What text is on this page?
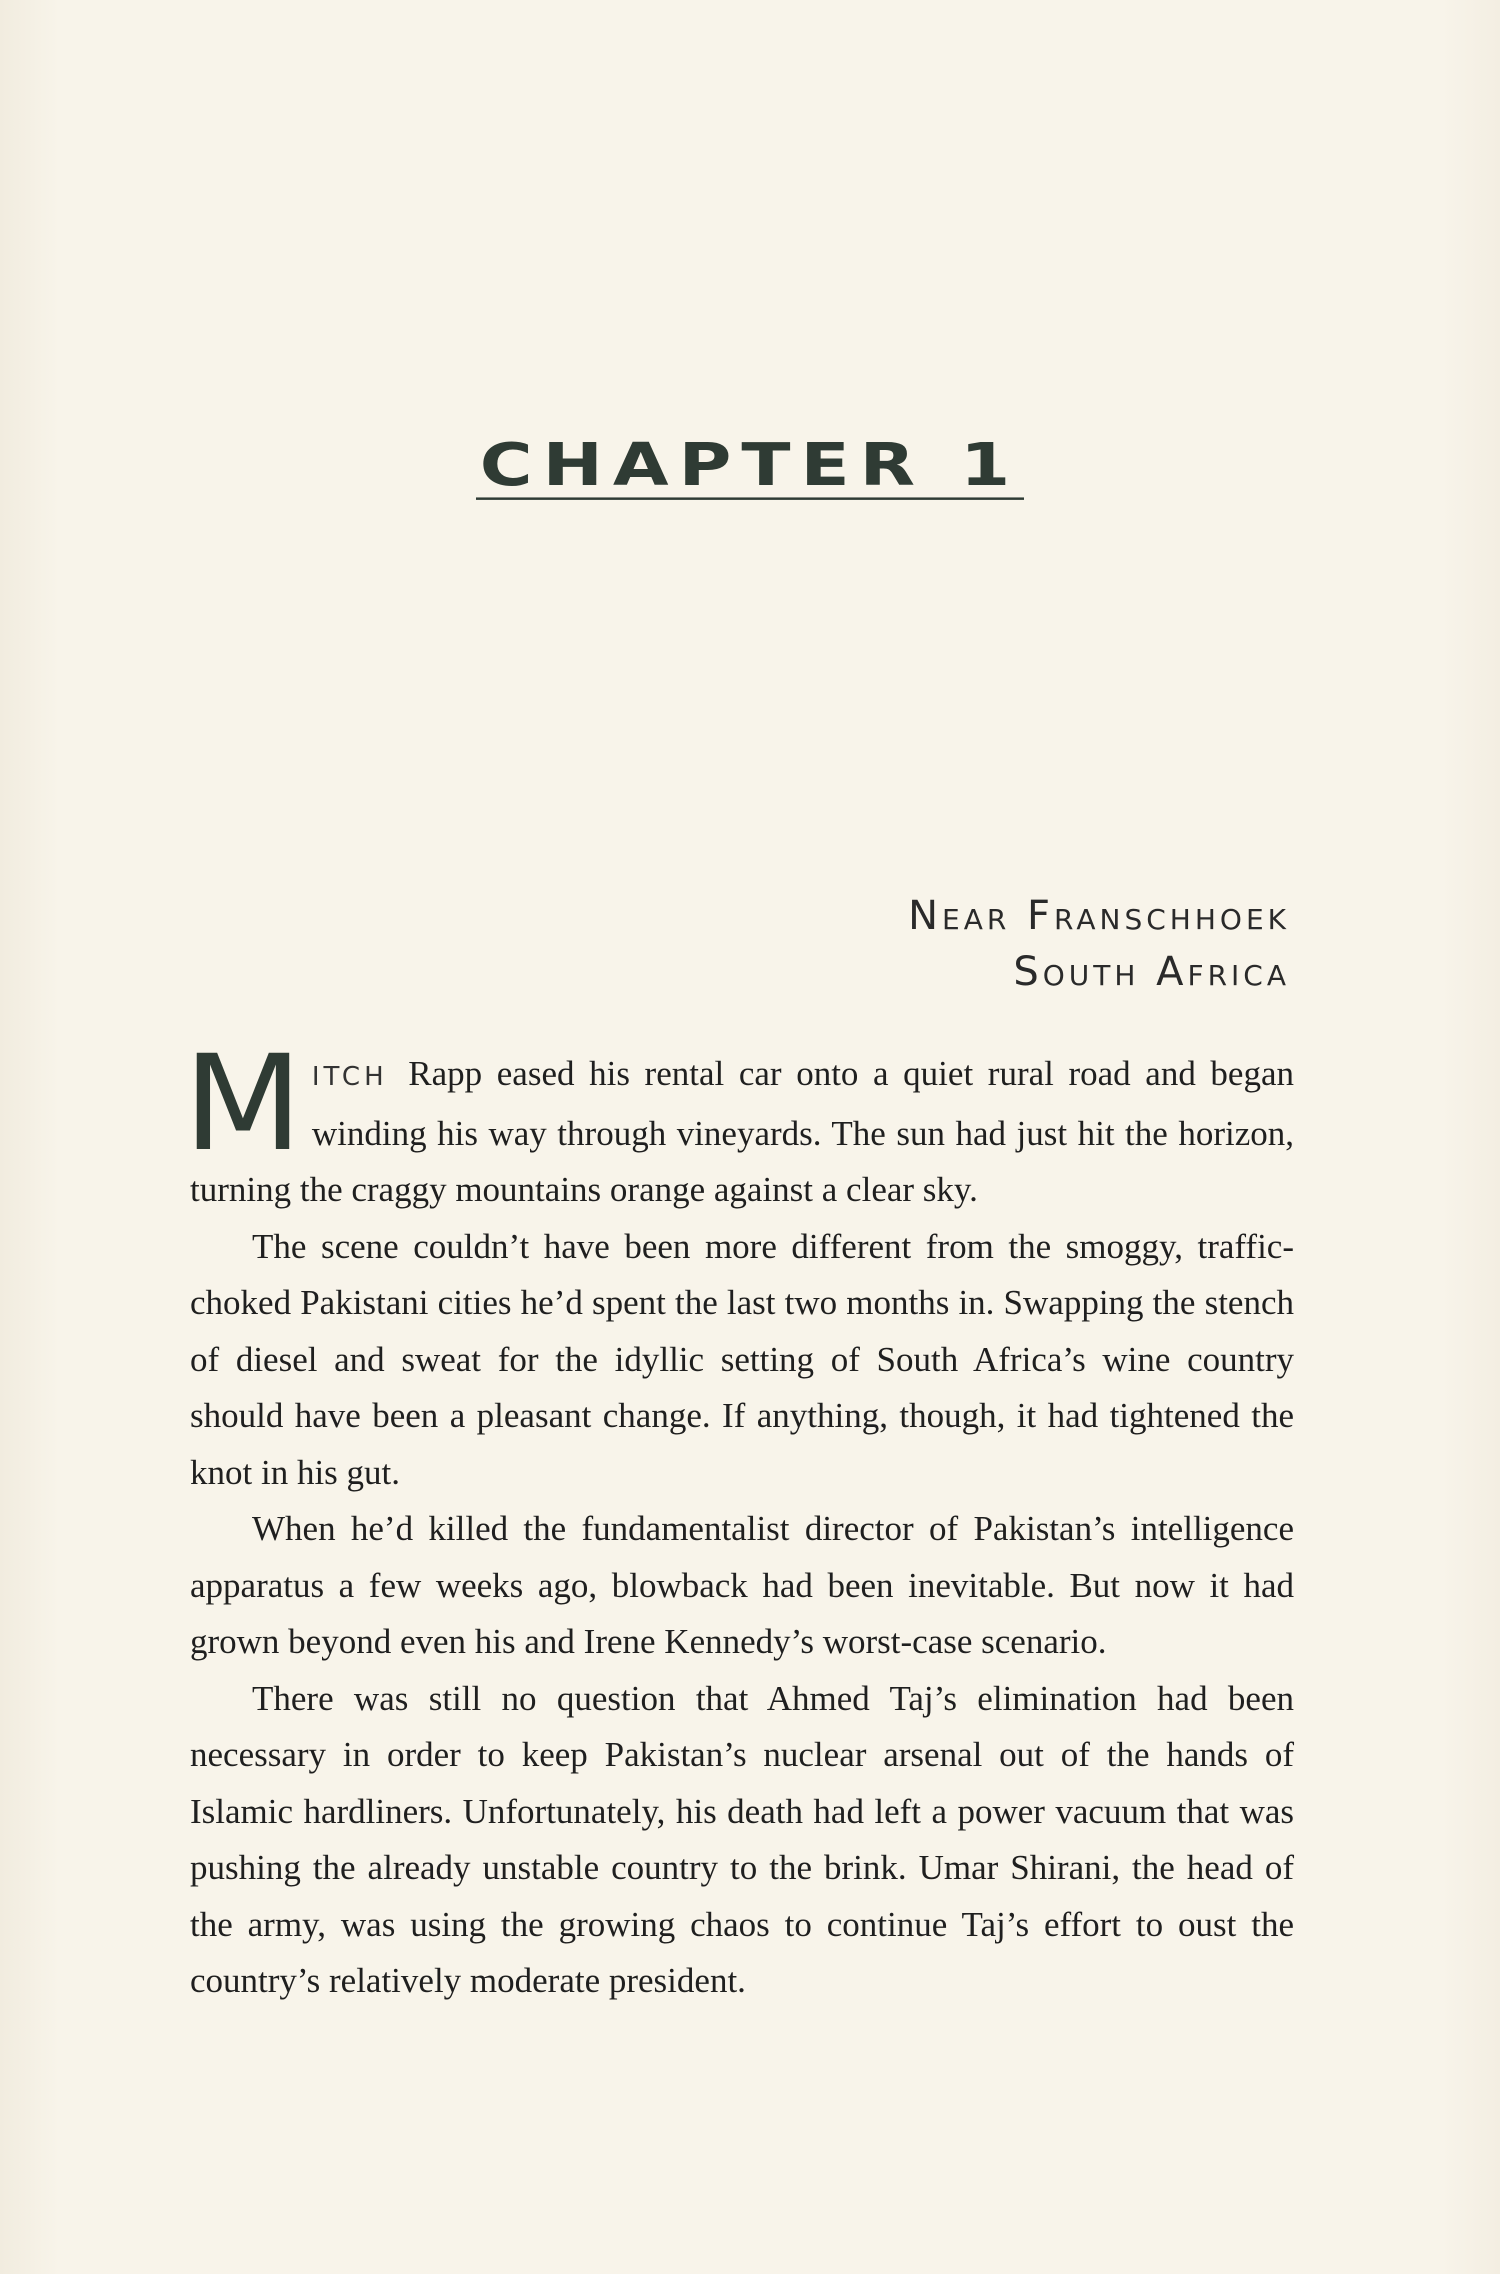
CHAPTER 1
Near Franschhoek
South Africa

M ITCH Rapp eased his rental car onto a quiet rural road and began winding his way through vineyards. The sun had just hit the horizon, turning the craggy mountains orange against a clear sky.

The scene couldn’t have been more different from the smoggy, traffic-choked Pakistani cities he’d spent the last two months in. Swapping the stench of diesel and sweat for the idyllic setting of South Africa’s wine country should have been a pleasant change. If anything, though, it had tightened the knot in his gut.

When he’d killed the fundamentalist director of Pakistan’s intelligence apparatus a few weeks ago, blowback had been inevitable. But now it had grown beyond even his and Irene Kennedy’s worst-case scenario.

There was still no question that Ahmed Taj’s elimination had been necessary in order to keep Pakistan’s nuclear arsenal out of the hands of Islamic hardliners. Unfortunately, his death had left a power vacuum that was pushing the already unstable country to the brink. Umar Shirani, the head of the army, was using the growing chaos to continue Taj’s effort to oust the country’s relatively moderate president.
